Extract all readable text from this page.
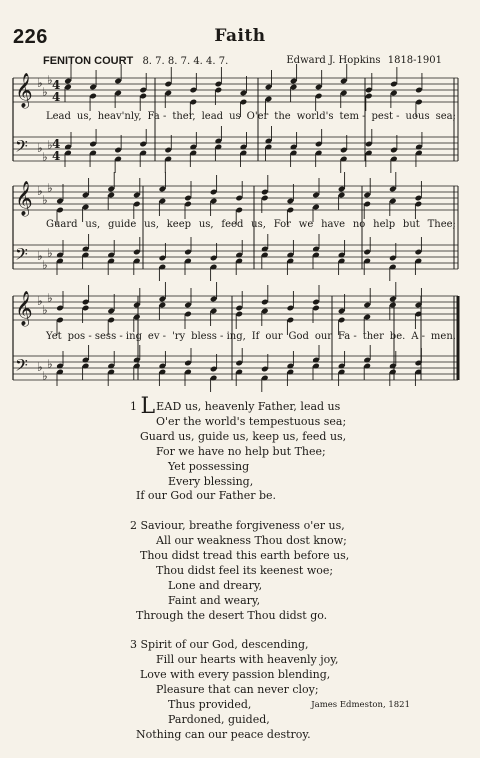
226	Faith
FENITON COURT 8. 7. 8. 7. 4. 4. 7.	Edward J. Hopkins 1818-1901
𝄞 ♭
♭
♭ 4
4
𝄢 ♭
♭
♭ 4
4
𝄞 ♭
♭
♭
𝄢 ♭
♭
♭
𝄞 ♭
♭
♭
𝄢 ♭
♭
♭
Lead us, heav'nly, Fa - ther, lead us O'er the world's tem - pest - uous sea;
Guard us, guide us, keep us, feed us, For we have no help but Thee;
Yet pos - sess - ing ev - 'ry bless - ing, If our God our Fa - ther be. A - men.
1 LEAD us, heavenly Father, lead us
O'er the world's tempestuous sea;
Guard us, guide us, keep us, feed us,
For we have no help but Thee;
Yet possessing
Every blessing,
If our God our Father be.
2 Saviour, breathe forgiveness o'er us,
All our weakness Thou dost know;
Thou didst tread this earth before us,
Thou didst feel its keenest woe;
Lone and dreary,
Faint and weary,
Through the desert Thou didst go.
3 Spirit of our God, descending,
Fill our hearts with heavenly joy,
Love with every passion blending,
Pleasure that can never cloy;
Thus provided,
Pardoned, guided,
Nothing can our peace destroy.
James Edmeston, 1821
